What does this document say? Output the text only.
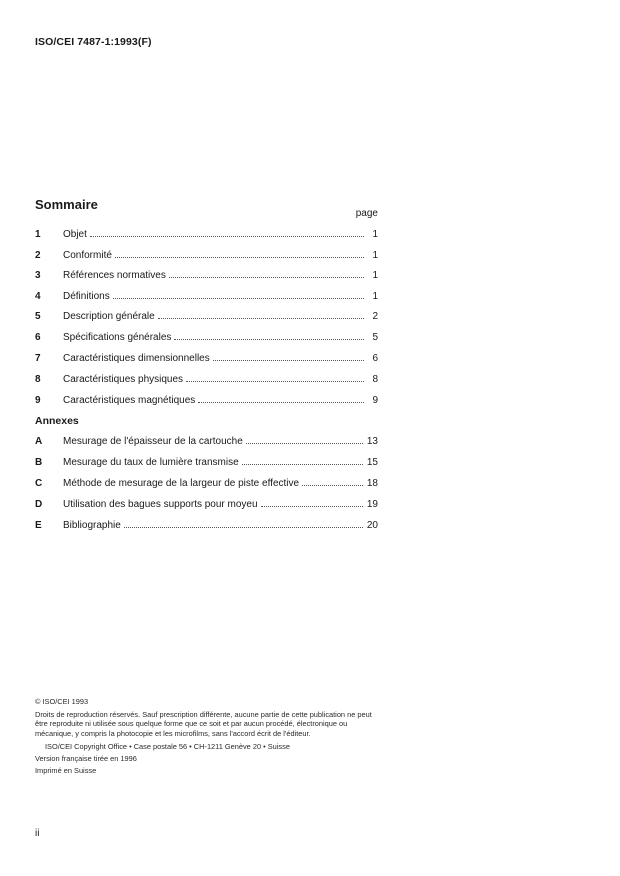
ISO/CEI 7487-1:1993(F)
Sommaire
page
1	Objet	1
2	Conformité	1
3	Références normatives	1
4	Définitions	1
5	Description générale	2
6	Spécifications générales	5
7	Caractéristiques dimensionnelles	6
8	Caractéristiques physiques	8
9	Caractéristiques magnétiques	9
Annexes
A	Mesurage de l'épaisseur de la cartouche	13
B	Mesurage du taux de lumière transmise	15
C	Méthode de mesurage de la largeur de piste effective	18
D	Utilisation des bagues supports pour moyeu	19
E	Bibliographie	20

© ISO/CEI 1993

Droits de reproduction réservés. Sauf prescription différente, aucune partie de cette publication ne peut être reproduite ni utilisée sous quelque forme que ce soit et par aucun procédé, électronique ou mécanique, y compris la photocopie et les microfilms, sans l'accord écrit de l'éditeur.

ISO/CEI Copyright Office • Case postale 56 • CH-1211 Genève 20 • Suisse

Version française tirée en 1996

Imprimé en Suisse

ii
